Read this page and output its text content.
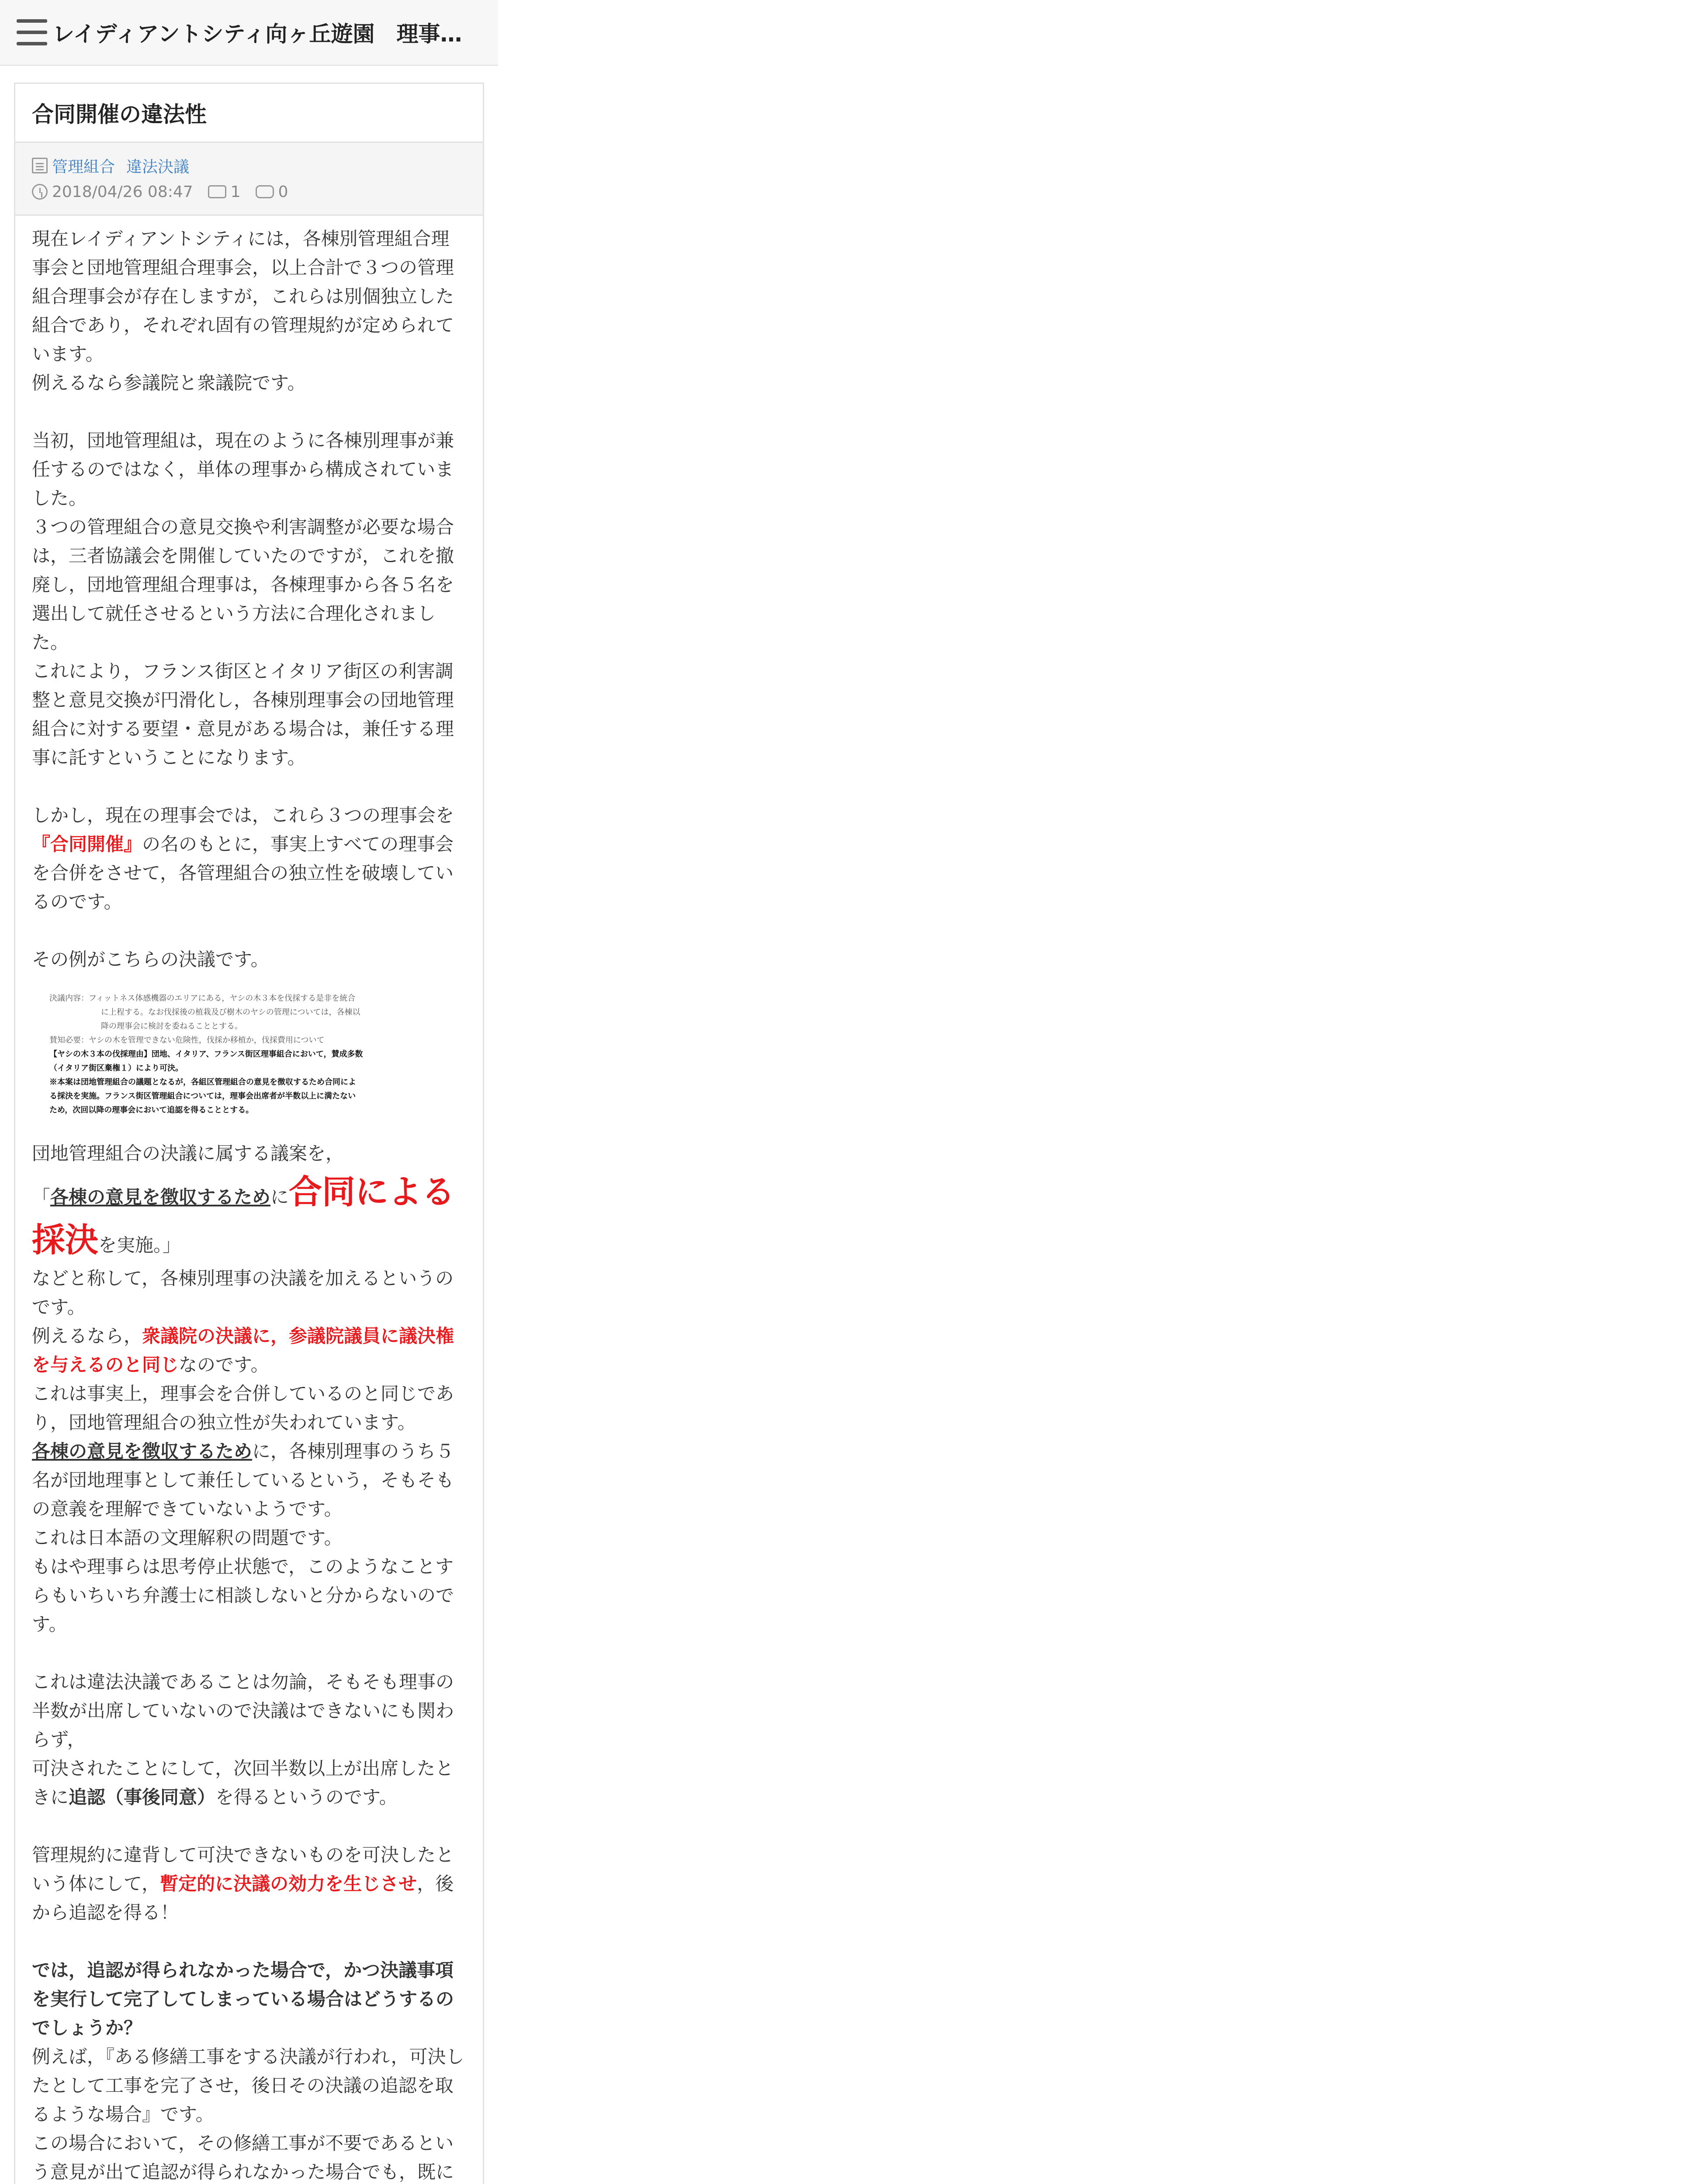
レイディアントシティ向ヶ丘遊園　理事…
合同開催の違法性
管理組合 違法決議
2018/04/26 08:47 1 0

現在レイディアントシティには，各棟別管理組合理事会と団地管理組合理事会，以上合計で３つの管理組合理事会が存在しますが，これらは別個独立した組合であり，それぞれ固有の管理規約が定められています。

例えるなら参議院と衆議院です。

当初，団地管理組は，現在のように各棟別理事が兼任するのではなく，単体の理事から構成されていました。

３つの管理組合の意見交換や利害調整が必要な場合は，三者協議会を開催していたのですが，これを撤廃し，団地管理組合理事は，各棟理事から各５名を選出して就任させるという方法に合理化されました。

これにより，フランス街区とイタリア街区の利害調整と意見交換が円滑化し，各棟別理事会の団地管理組合に対する要望・意見がある場合は，兼任する理事に託すということになります。

しかし，現在の理事会では，これら３つの理事会を『合同開催』の名のもとに，事実上すべての理事会を合併をさせて，各管理組合の独立性を破壊しているのです。

その例がこちらの決議です。

決議内容：フィットネス体感機器のエリアにある，ヤシの木３本を伐採する是非を統合
に上程する。なお伐採後の植栽及び樹木のヤシの管理については，各棟以
降の理事会に検討を委ねることとする。
賛知必要：ヤシの木を管理できない危険性，伐採か移植か，伐採費用について
【ヤシの木３本の伐採理由】団地、イタリア、フランス街区理事組合において，賛成多数
（イタリア街区棄権１）により可決。
※本案は団地管理組合の議題となるが，各組区管理組合の意見を徴収するため合同によ
る採決を実施。フランス街区管理組合については，理事会出席者が半数以上に満たない
ため，次回以降の理事会において追認を得ることとする。

団地管理組合の決議に属する議案を，

「各棟の意見を徴収するために合同による採決を実施。」

などと称して，各棟別理事の決議を加えるというのです。

例えるなら，衆議院の決議に，参議院議員に議決権を与えるのと同じなのです。

これは事実上，理事会を合併しているのと同じであり，団地管理組合の独立性が失われています。

各棟の意見を徴収するために，各棟別理事のうち５名が団地理事として兼任しているという，そもそもの意義を理解できていないようです。

これは日本語の文理解釈の問題です。

もはや理事らは思考停止状態で，このようなことすらもいちいち弁護士に相談しないと分からないのです。

これは違法決議であることは勿論，そもそも理事の半数が出席していないので決議はできないにも関わらず，

可決されたことにして，次回半数以上が出席したときに追認（事後同意）を得るというのです。

管理規約に違背して可決できないものを可決したという体にして，暫定的に決議の効力を生じさせ，後から追認を得る！

では，追認が得られなかった場合で，かつ決議事項を実行して完了してしまっている場合はどうするのでしょうか？

例えば，『ある修繕工事をする決議が行われ，可決したとして工事を完了させ，後日その決議の追認を取るような場合』です。

この場合において，その修繕工事が不要であるという意見が出て追認が得られなかった場合でも，既に
